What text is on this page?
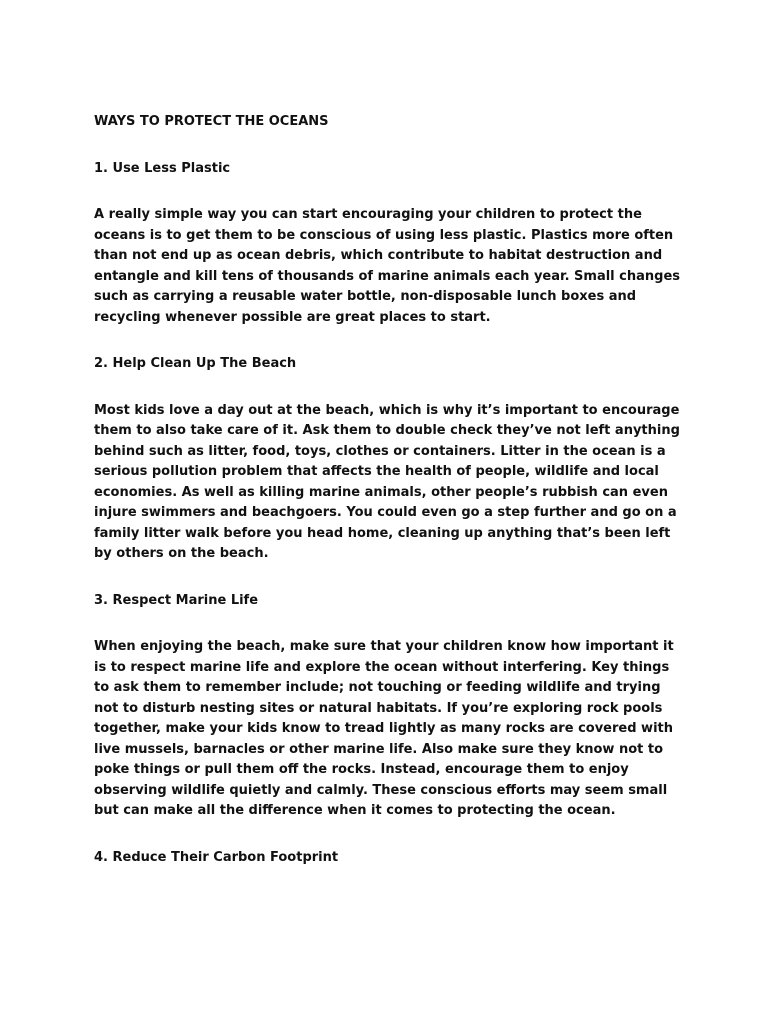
WAYS TO PROTECT THE OCEANS
1. Use Less Plastic
A really simple way you can start encouraging your children to protect the oceans is to get them to be conscious of using less plastic. Plastics more often than not end up as ocean debris, which contribute to habitat destruction and entangle and kill tens of thousands of marine animals each year. Small changes such as carrying a reusable water bottle, non-disposable lunch boxes and recycling whenever possible are great places to start.
2. Help Clean Up The Beach
Most kids love a day out at the beach, which is why it’s important to encourage them to also take care of it. Ask them to double check they’ve not left anything behind such as litter, food, toys, clothes or containers. Litter in the ocean is a serious pollution problem that affects the health of people, wildlife and local economies. As well as killing marine animals, other people’s rubbish can even injure swimmers and beachgoers. You could even go a step further and go on a family litter walk before you head home, cleaning up anything that’s been left by others on the beach.
3. Respect Marine Life
When enjoying the beach, make sure that your children know how important it is to respect marine life and explore the ocean without interfering. Key things to ask them to remember include; not touching or feeding wildlife and trying not to disturb nesting sites or natural habitats. If you’re exploring rock pools together, make your kids know to tread lightly as many rocks are covered with live mussels, barnacles or other marine life. Also make sure they know not to poke things or pull them off the rocks. Instead, encourage them to enjoy observing wildlife quietly and calmly. These conscious efforts may seem small but can make all the difference when it comes to protecting the ocean.
4. Reduce Their Carbon Footprint
